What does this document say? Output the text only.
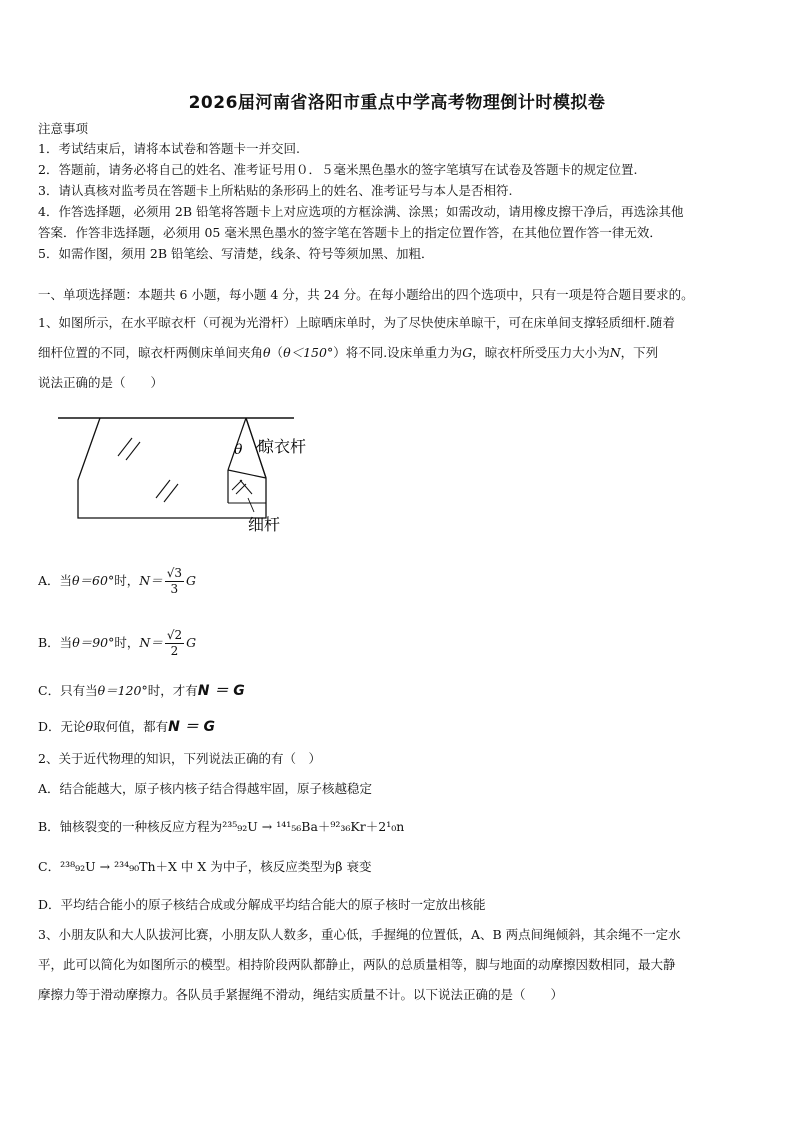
2026届河南省洛阳市重点中学高考物理倒计时模拟卷
注意事项
1．考试结束后，请将本试卷和答题卡一并交回.
2．答题前，请务必将自己的姓名、准考证号用０．５毫米黑色墨水的签字笔填写在试卷及答题卡的规定位置.
3．请认真核对监考员在答题卡上所粘贴的条形码上的姓名、准考证号与本人是否相符.
4．作答选择题，必须用 2B 铅笔将答题卡上对应选项的方框涂满、涂黑；如需改动，请用橡皮擦干净后，再选涂其他
答案．作答非选择题，必须用 05 毫米黑色墨水的签字笔在答题卡上的指定位置作答，在其他位置作答一律无效．
5．如需作图，须用 2B 铅笔绘、写清楚，线条、符号等须加黑、加粗．
一、单项选择题：本题共 6 小题，每小题 4 分，共 24 分。在每小题给出的四个选项中，只有一项是符合题目要求的。
1、如图所示，在水平晾衣杆（可视为光滑杆）上晾晒床单时，为了尽快使床单晾干，可在床单间支撑轻质细杆.随着
细杆位置的不同，晾衣杆两侧床单间夹角θ（θ＜150°）将不同.设床单重力为G，晾衣杆所受压力大小为N，下列
说法正确的是（　　）
θ 晾衣杆
细杆
A．当θ＝60°时，$N= \frac{√3}{3}$ G
B．当θ＝90°时，$N= \frac{√2}{2}$ G
C．只有当θ＝120°时，才有N ＝ G
D．无论θ取何值，都有N ＝ G
2、关于近代物理的知识，下列说法正确的有（　）
A．结合能越大，原子核内核子结合得越牢固，原子核越稳定
B．铀核裂变的一种核反应方程为²³⁵₉₂U → ¹⁴¹₅₆Ba＋⁹²₃₆Kr＋2¹₀n
C．²³⁸₉₂U → ²³⁴₉₀Th＋X 中 X 为中子，核反应类型为β 衰变
D．平均结合能小的原子核结合成或分解成平均结合能大的原子核时一定放出核能
3、小朋友队和大人队拔河比赛，小朋友队人数多，重心低，手握绳的位置低，A、B 两点间绳倾斜，其余绳不一定水
平，此可以简化为如图所示的模型。相持阶段两队都静止，两队的总质量相等，脚与地面的动摩擦因数相同，最大静
摩擦力等于滑动摩擦力。各队员手紧握绳不滑动，绳结实质量不计。以下说法正确的是（　　）
